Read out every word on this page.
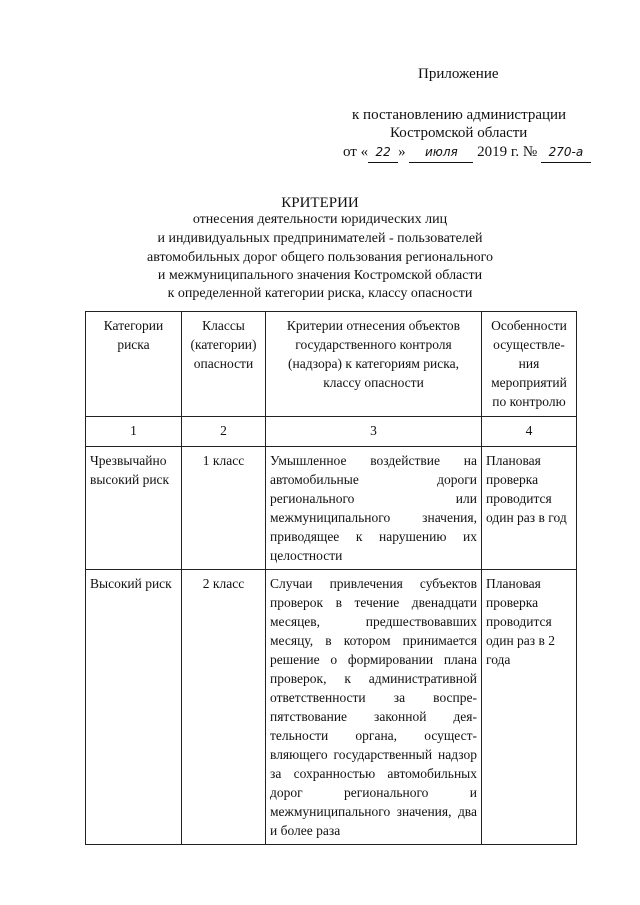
Приложение
к постановлению администрации
Костромской области
от « 22 » июля 2019 г. № 270-а
КРИТЕРИИ
отнесения деятельности юридических лиц
и индивидуальных предпринимателей - пользователей
автомобильных дорог общего пользования регионального
и межмуниципального значения Костромской области
к определенной категории риска, классу опасности
Категории риска	Классы (категории) опасности	Критерии отнесения объектов государственного контроля (надзора) к категориям риска, классу опасности	Особенности осуществле-ния мероприятий по контролю
1	2	3	4
Чрезвычайно высокий риск	1 класс	Умышленное воздействие на автомобильные дороги регионального или межмуниципального значения, приводящее к нарушению их целостности	Плановая проверка проводится один раз в год
Высокий риск	2 класс	Случаи привлечения субъектов проверок в течение двенадцати месяцев, предшествовавших месяцу, в котором принимается решение о формировании плана проверок, к административной ответственности за воспре-пятствование законной дея-тельности органа, осущест-вляющего государственный надзор за сохранностью автомобильных дорог регионального и межмуниципального значения, два и более раза	Плановая проверка проводится один раз в 2 года
